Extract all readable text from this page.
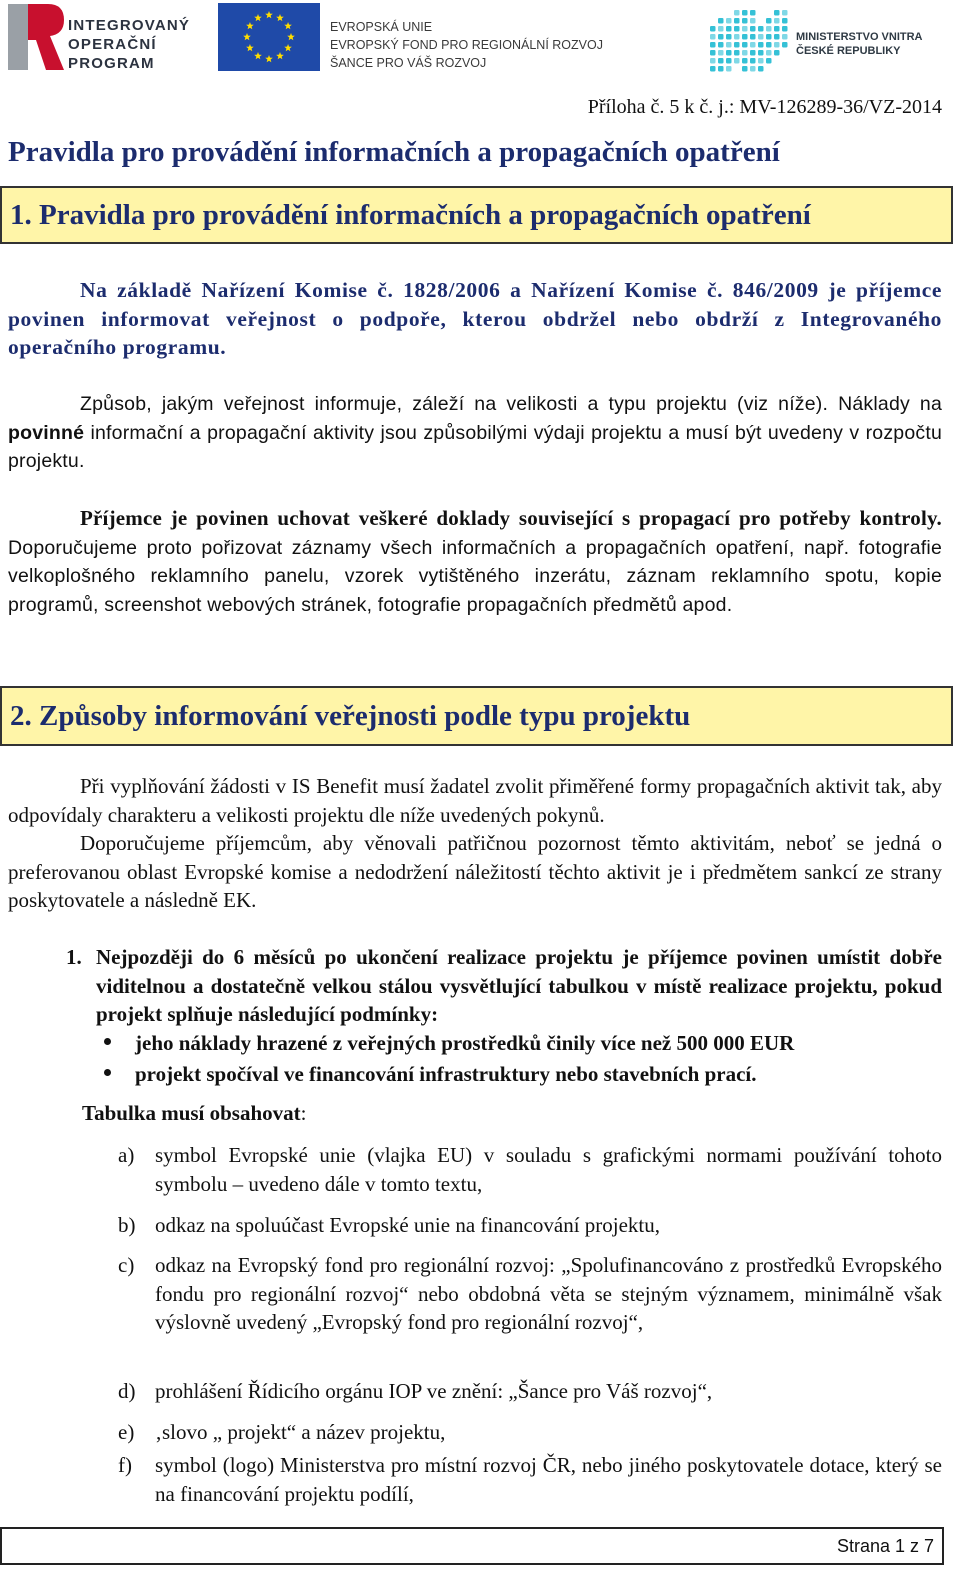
INTEGROVANÝ
OPERAČNÍ
PROGRAM
EVROPSKÁ UNIE
EVROPSKÝ FOND PRO REGIONÁLNÍ ROZVOJ
ŠANCE PRO VÁŠ ROZVOJ
MINISTERSTVO VNITRA
ČESKÉ REPUBLIKY
Příloha č. 5 k č. j.: MV-126289-36/VZ-2014
Pravidla pro provádění informačních a propagačních opatření
1. Pravidla pro provádění informačních a propagačních opatření
Na základě Nařízení Komise č. 1828/2006 a Nařízení Komise č. 846/2009 je příjemce povinen informovat veřejnost o podpoře, kterou obdržel nebo obdrží z Integrovaného operačního programu.
Způsob, jakým veřejnost informuje, záleží na velikosti a typu projektu (viz níže). Náklady na povinné informační a propagační aktivity jsou způsobilými výdaji projektu a musí být uvedeny v rozpočtu projektu.
Příjemce je povinen uchovat veškeré doklady související s propagací pro potřeby kontroly. Doporučujeme proto pořizovat záznamy všech informačních a propagačních opatření, např. fotografie velkoplošného reklamního panelu, vzorek vytištěného inzerátu, záznam reklamního spotu, kopie programů, screenshot webových stránek, fotografie propagačních předmětů apod.
2. Způsoby informování veřejnosti podle typu projektu
Při vyplňování žádosti v IS Benefit musí žadatel zvolit přiměřené formy propagačních aktivit tak, aby odpovídaly charakteru a velikosti projektu dle níže uvedených pokynů.
Doporučujeme příjemcům, aby věnovali patřičnou pozornost těmto aktivitám, neboť se jedná o preferovanou oblast Evropské komise a nedodržení náležitostí těchto aktivit je i předmětem sankcí ze strany poskytovatele a následně EK.
1. Nejpozději do 6 měsíců po ukončení realizace projektu je příjemce povinen umístit dobře viditelnou a dostatečně velkou stálou vysvětlující tabulkou v místě realizace projektu, pokud projekt splňuje následující podmínky:
jeho náklady hrazené z veřejných prostředků činily více než 500 000 EUR
projekt spočíval ve financování infrastruktury nebo stavebních prací.
Tabulka musí obsahovat:
a) symbol Evropské unie (vlajka EU) v souladu s grafickými normami používání tohoto symbolu – uvedeno dále v tomto textu,
b) odkaz na spoluúčast Evropské unie na financování projektu,
c) odkaz na Evropský fond pro regionální rozvoj: „Spolufinancováno z prostředků Evropského fondu pro regionální rozvoj“ nebo obdobná věta se stejným významem, minimálně však výslovně uvedený „Evropský fond pro regionální rozvoj“,
d) prohlášení Řídicího orgánu IOP ve znění: „Šance pro Váš rozvoj“,
e) ‚slovo „ projekt“ a název projektu,
f)	symbol (logo) Ministerstva pro místní rozvoj ČR, nebo jiného poskytovatele dotace, který se na financování projektu podílí,
Strana 1 z 7
